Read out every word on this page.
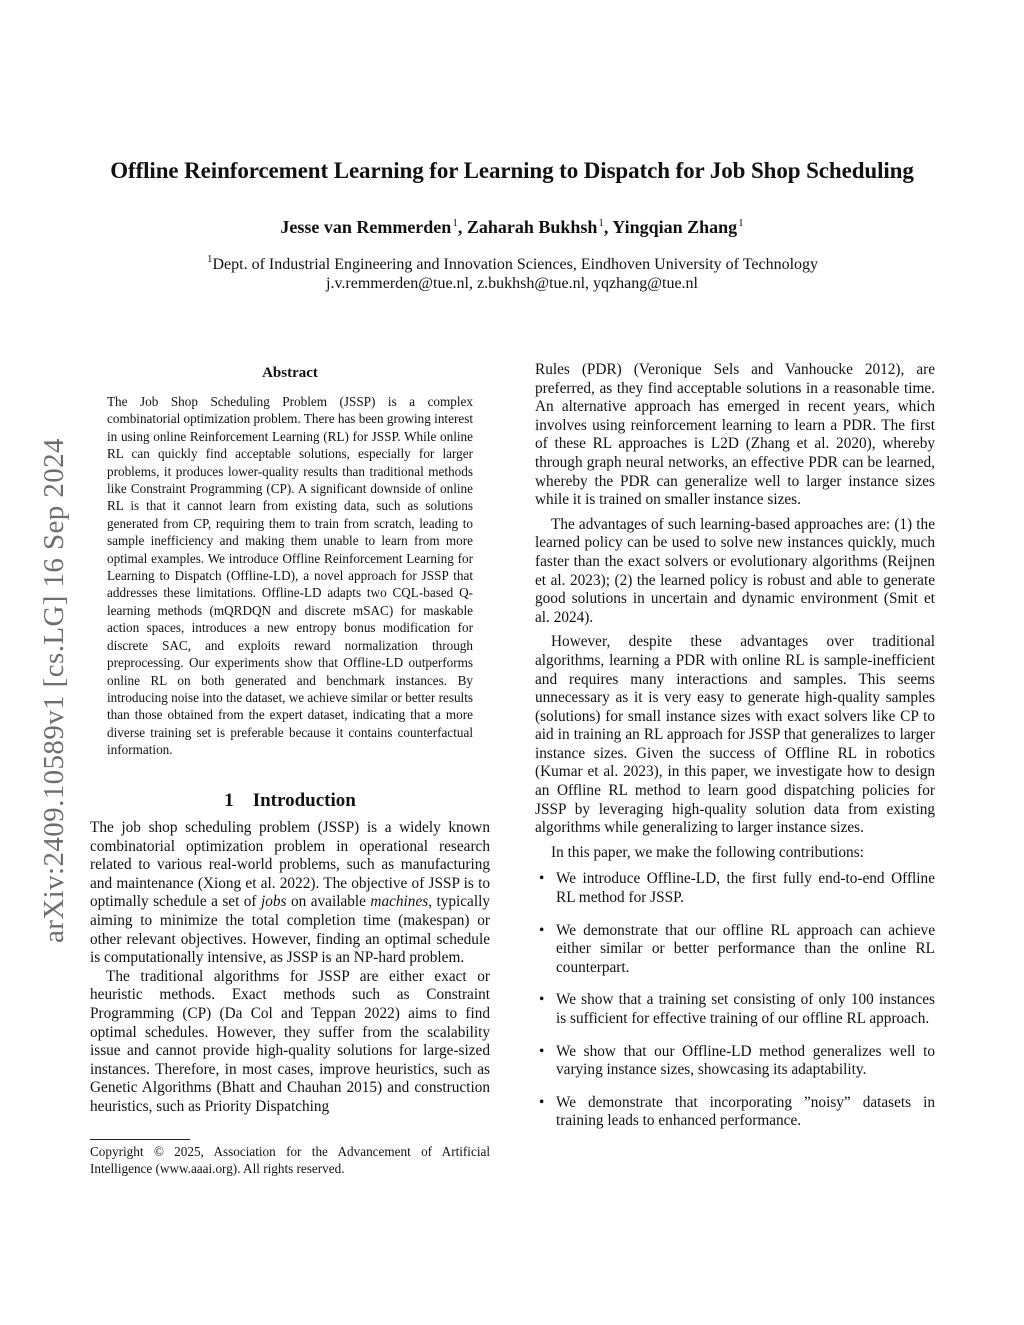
Offline Reinforcement Learning for Learning to Dispatch for Job Shop Scheduling
Jesse van Remmerden$^1$, Zaharah Bukhsh$^1$, Yingqian Zhang$^1$
$^1$Dept. of Industrial Engineering and Innovation Sciences, Eindhoven University of Technology
j.v.remmerden@tue.nl, z.bukhsh@tue.nl, yqzhang@tue.nl
arXiv:2409.10589v1 [cs.LG] 16 Sep 2024
Abstract
The Job Shop Scheduling Problem (JSSP) is a complex combinatorial optimization problem. There has been growing interest in using online Reinforcement Learning (RL) for JSSP. While online RL can quickly find acceptable solutions, especially for larger problems, it produces lower-quality results than traditional methods like Constraint Programming (CP). A significant downside of online RL is that it cannot learn from existing data, such as solutions generated from CP, requiring them to train from scratch, leading to sample inefficiency and making them unable to learn from more optimal examples. We introduce Offline Reinforcement Learning for Learning to Dispatch (Offline-LD), a novel approach for JSSP that addresses these limitations. Offline-LD adapts two CQL-based Q-learning methods (mQRDQN and discrete mSAC) for maskable action spaces, introduces a new entropy bonus modification for discrete SAC, and exploits reward normalization through preprocessing. Our experiments show that Offline-LD outperforms online RL on both generated and benchmark instances. By introducing noise into the dataset, we achieve similar or better results than those obtained from the expert dataset, indicating that a more diverse training set is preferable because it contains counterfactual information.
1    Introduction

The job shop scheduling problem (JSSP) is a widely known combinatorial optimization problem in operational research related to various real-world problems, such as manufacturing and maintenance (Xiong et al. 2022). The objective of JSSP is to optimally schedule a set of jobs on available machines, typically aiming to minimize the total completion time (makespan) or other relevant objectives. However, finding an optimal schedule is computationally intensive, as JSSP is an NP-hard problem.

The traditional algorithms for JSSP are either exact or heuristic methods. Exact methods such as Constraint Programming (CP) (Da Col and Teppan 2022) aims to find optimal schedules. However, they suffer from the scalability issue and cannot provide high-quality solutions for large-sized instances. Therefore, in most cases, improve heuristics, such as Genetic Algorithms (Bhatt and Chauhan 2015) and construction heuristics, such as Priority Dispatching

Copyright © 2025, Association for the Advancement of Artificial Intelligence (www.aaai.org). All rights reserved.

Rules (PDR) (Veronique Sels and Vanhoucke 2012), are preferred, as they find acceptable solutions in a reasonable time. An alternative approach has emerged in recent years, which involves using reinforcement learning to learn a PDR. The first of these RL approaches is L2D (Zhang et al. 2020), whereby through graph neural networks, an effective PDR can be learned, whereby the PDR can generalize well to larger instance sizes while it is trained on smaller instance sizes.

The advantages of such learning-based approaches are: (1) the learned policy can be used to solve new instances quickly, much faster than the exact solvers or evolutionary algorithms (Reijnen et al. 2023); (2) the learned policy is robust and able to generate good solutions in uncertain and dynamic environment (Smit et al. 2024).

However, despite these advantages over traditional algorithms, learning a PDR with online RL is sample-inefficient and requires many interactions and samples. This seems unnecessary as it is very easy to generate high-quality samples (solutions) for small instance sizes with exact solvers like CP to aid in training an RL approach for JSSP that generalizes to larger instance sizes. Given the success of Offline RL in robotics (Kumar et al. 2023), in this paper, we investigate how to design an Offline RL method to learn good dispatching policies for JSSP by leveraging high-quality solution data from existing algorithms while generalizing to larger instance sizes.

In this paper, we make the following contributions:

• We introduce Offline-LD, the first fully end-to-end Offline RL method for JSSP.
• We demonstrate that our offline RL approach can achieve either similar or better performance than the online RL counterpart.
• We show that a training set consisting of only 100 instances is sufficient for effective training of our offline RL approach.
• We show that our Offline-LD method generalizes well to varying instance sizes, showcasing its adaptability.
• We demonstrate that incorporating ”noisy” datasets in training leads to enhanced performance.
